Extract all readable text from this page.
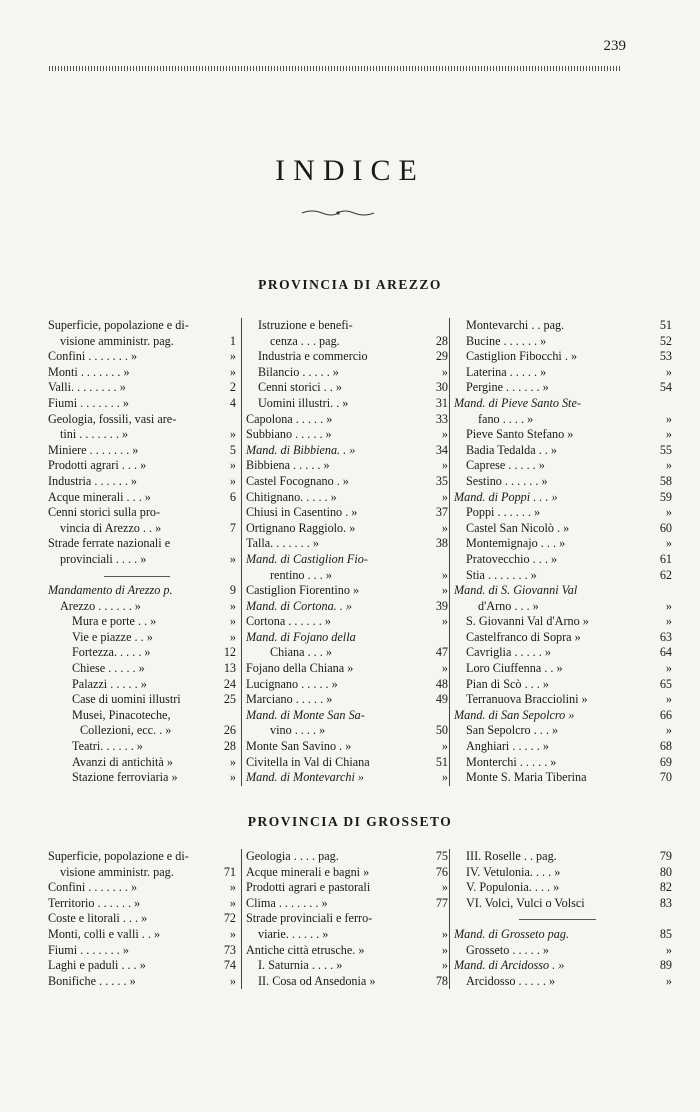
239
INDICE
PROVINCIA DI AREZZO
Superficie, popolazione e di-
visione amministr. pag.	1
Confini . . . . . . . »	»
Monti . . . . . . . »	»
Valli. . . . . . . . »	2
Fiumi . . . . . . . »	4
Geologia, fossili, vasi are-
tini . . . . . . . »	»
Miniere . . . . . . . »	5
Prodotti agrari . . . »	»
Industria . . . . . . »	»
Acque minerali . . . »	6
Cenni storici sulla pro-
vincia di Arezzo . . »	7
Strade ferrate nazionali e
provinciali . . . . »	»
Mandamento di Arezzo p.	9
Arezzo . . . . . . »	»
Mura e porte . . »	»
Vie e piazze . . »	»
Fortezza. . . . . »	12
Chiese . . . . . »	13
Palazzi . . . . . »	24
Case di uomini illustri	25
Musei, Pinacoteche,
Collezioni, ecc. . »	26
Teatri. . . . . . »	28
Avanzi di antichità »	»
Stazione ferroviaria »	»
Istruzione e benefi-
cenza . . . pag.	28
Industria e commercio	29
Bilancio . . . . . »	»
Cenni storici . . »	30
Uomini illustri. . »	31
Capolona . . . . . »	33
Subbiano . . . . . »	»
Mand. di Bibbiena. . »	34
Bibbiena . . . . . »	»
Castel Focognano . »	35
Chitignano. . . . . »	»
Chiusi in Casentino . »	37
Ortignano Raggiolo. »	»
Talla. . . . . . . »	38
Mand. di Castiglion Fio-
rentino . . . »	»
Castiglion Fiorentino »	»
Mand. di Cortona. . »	39
Cortona . . . . . . »	»
Mand. di Fojano della
Chiana . . . »	47
Fojano della Chiana »	»
Lucignano . . . . . »	48
Marciano . . . . . »	49
Mand. di Monte San Sa-
vino . . . . »	50
Monte San Savino . »	»
Civitella in Val di Chiana	51
Mand. di Montevarchi »	»
Montevarchi . . pag.	51
Bucine . . . . . . »	52
Castiglion Fibocchi . »	53
Laterina . . . . . »	»
Pergine . . . . . . »	54
Mand. di Pieve Santo Ste-
fano . . . . »	»
Pieve Santo Stefano »	»
Badia Tedalda . . »	55
Caprese . . . . . »	»
Sestino . . . . . . »	58
Mand. di Poppi . . . »	59
Poppi . . . . . . »	»
Castel San Nicolò . »	60
Montemignajo . . . »	»
Pratovecchio . . . »	61
Stia . . . . . . . »	62
Mand. di S. Giovanni Val
d'Arno . . . »	»
S. Giovanni Val d'Arno »	»
Castelfranco di Sopra »	63
Cavriglia . . . . . »	64
Loro Ciuffenna . . »	»
Pian di Scò . . . »	65
Terranuova Bracciolini »	»
Mand. di San Sepolcro »	66
San Sepolcro . . . »	»
Anghiari . . . . . »	68
Monterchi . . . . . »	69
Monte S. Maria Tiberina	70
PROVINCIA DI GROSSETO
Superficie, popolazione e di-
visione amministr. pag.	71
Confini . . . . . . . »	»
Territorio . . . . . . »	»
Coste e litorali . . . »	72
Monti, colli e valli . . »	»
Fiumi . . . . . . . »	73
Laghi e paduli . . . »	74
Bonifiche . . . . . »	»
Geologia . . . . pag.	75
Acque minerali e bagni »	76
Prodotti agrari e pastorali	»
Clima . . . . . . . »	77
Strade provinciali e ferro-
viarie. . . . . . »	»
Antiche città etrusche. »	»
I. Saturnia . . . . »	»
II. Cosa od Ansedonia »	78
III. Roselle . . pag.	79
IV. Vetulonia. . . . »	80
V. Populonia. . . . »	82
VI. Volci, Vulci o Volsci	83
Mand. di Grosseto pag.	85
Grosseto . . . . . »	»
Mand. di Arcidosso . »	89
Arcidosso . . . . . »	»
